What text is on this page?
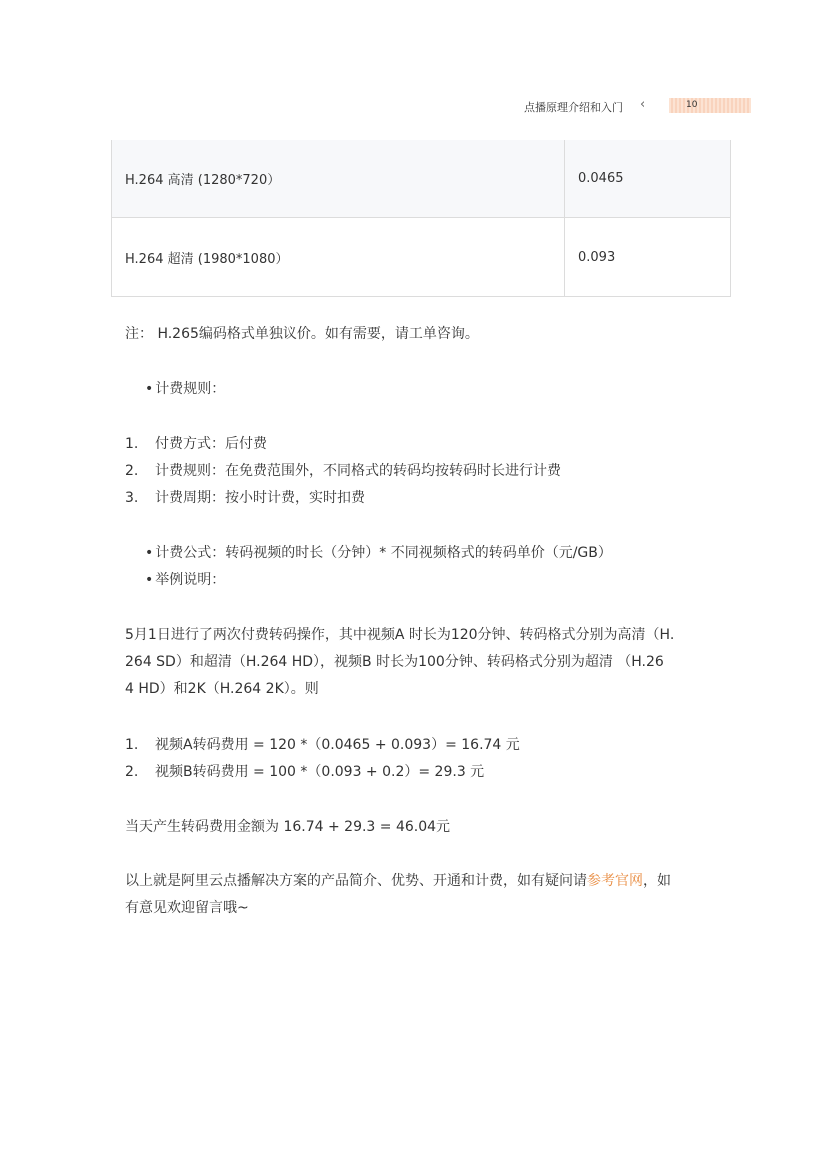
点播原理介绍和入门 ‹	10
H.264 高清 (1280*720）	0.0465
H.264 超清 (1980*1080）	0.093
注： H.265编码格式单独议价。如有需要，请工单咨询。
• 计费规则：
1. 付费方式：后付费
2. 计费规则：在免费范围外，不同格式的转码均按转码时长进行计费
3. 计费周期：按小时计费，实时扣费
• 计费公式：转码视频的时长（分钟）* 不同视频格式的转码单价（元/GB）
• 举例说明：
5月1日进行了两次付费转码操作，其中视频A 时长为120分钟、转码格式分别为高清（H.
264 SD）和超清（H.264 HD），视频B 时长为100分钟、转码格式分别为超清 （H.26
4 HD）和2K（H.264 2K）。则
1. 视频A转码费用 = 120 *（0.0465 + 0.093）= 16.74 元
2. 视频B转码费用 = 100 *（0.093 + 0.2）= 29.3 元
当天产生转码费用金额为 16.74 + 29.3 = 46.04元
以上就是阿里云点播解决方案的产品简介、优势、开通和计费，如有疑问请参考官网，如
有意见欢迎留言哦~
